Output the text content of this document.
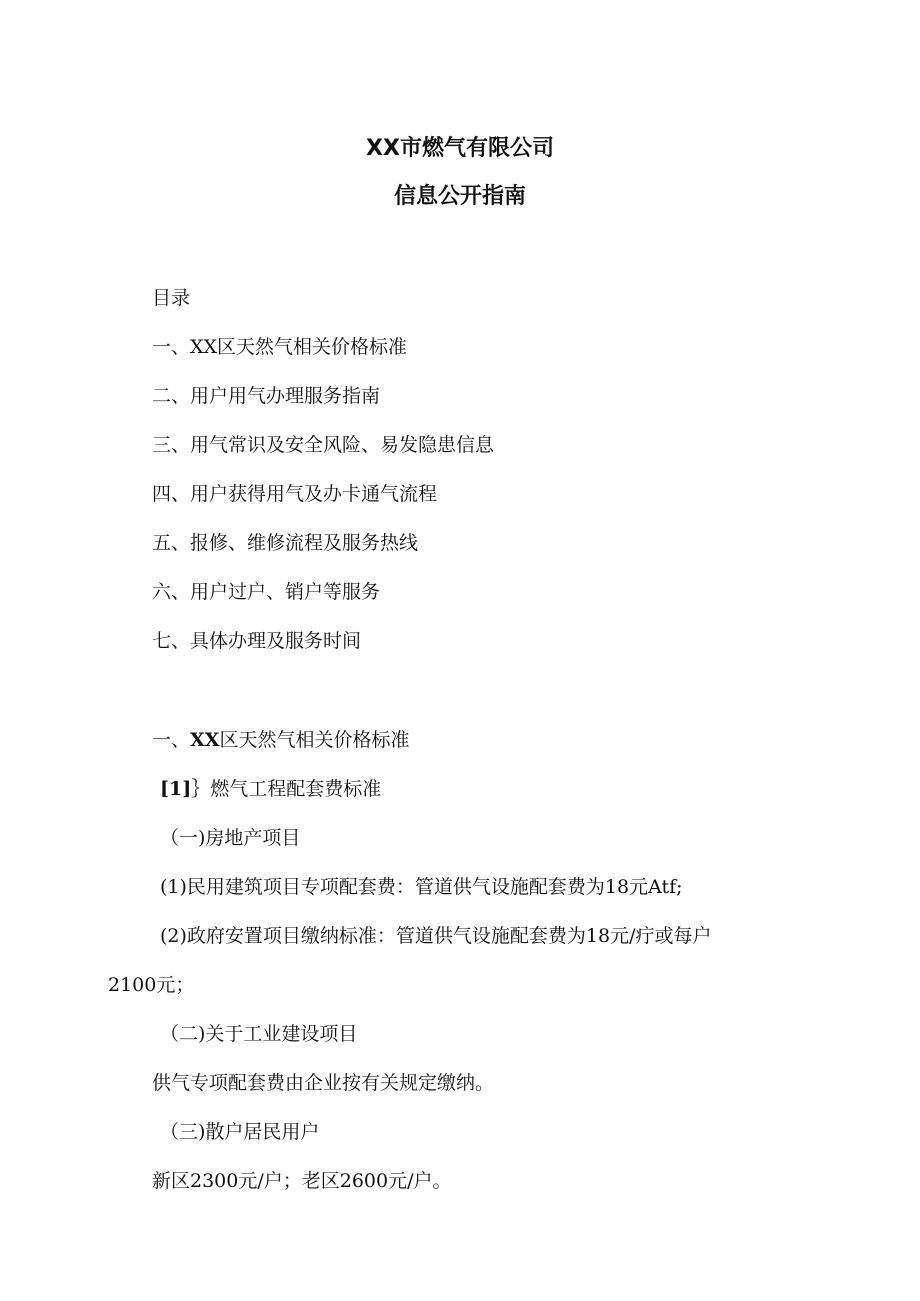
XX市燃气有限公司
信息公开指南
目录
一、XX区天然气相关价格标准
二、用户用气办理服务指南
三、用气常识及安全风险、易发隐患信息
四、用户获得用气及办卡通气流程
五、报修、维修流程及服务热线
六、用户过户、销户等服务
七、具体办理及服务时间
一、XX区天然气相关价格标准
[1]｝燃气工程配套费标准
（一)房地产项目
(1)民用建筑项目专项配套费：管道供气设施配套费为18元Atf;
(2)政府安置项目缴纳标准：管道供气设施配套费为18元/疔或每户
2100元；
（二)关于工业建设项目
供气专项配套费由企业按有关规定缴纳。
（三)散户居民用户
新区2300元/户；老区2600元/户。
